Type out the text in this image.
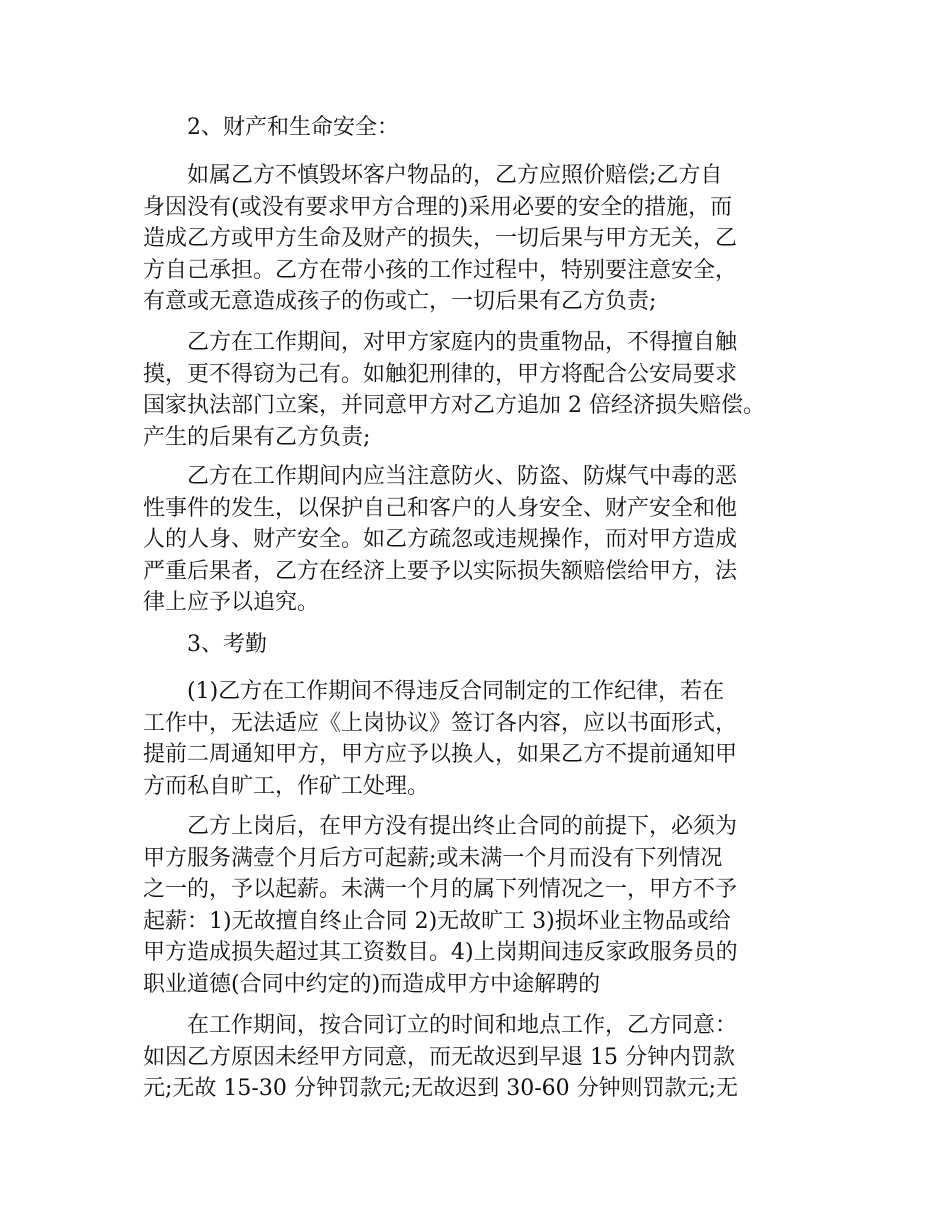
2、财产和生命安全：
如属乙方不慎毁坏客户物品的，乙方应照价赔偿;乙方自
身因没有(或没有要求甲方合理的)采用必要的安全的措施，而
造成乙方或甲方生命及财产的损失，一切后果与甲方无关，乙
方自己承担。乙方在带小孩的工作过程中，特别要注意安全，
有意或无意造成孩子的伤或亡，一切后果有乙方负责;
乙方在工作期间，对甲方家庭内的贵重物品，不得擅自触
摸，更不得窃为己有。如触犯刑律的，甲方将配合公安局要求
国家执法部门立案，并同意甲方对乙方追加 2 倍经济损失赔偿。
产生的后果有乙方负责;
乙方在工作期间内应当注意防火、防盗、防煤气中毒的恶
性事件的发生，以保护自己和客户的人身安全、财产安全和他
人的人身、财产安全。如乙方疏忽或违规操作，而对甲方造成
严重后果者，乙方在经济上要予以实际损失额赔偿给甲方，法
律上应予以追究。
3、考勤
(1)乙方在工作期间不得违反合同制定的工作纪律，若在
工作中，无法适应《上岗协议》签订各内容，应以书面形式，
提前二周通知甲方，甲方应予以换人，如果乙方不提前通知甲
方而私自旷工，作矿工处理。
乙方上岗后，在甲方没有提出终止合同的前提下，必须为
甲方服务满壹个月后方可起薪;或未满一个月而没有下列情况
之一的，予以起薪。未满一个月的属下列情况之一，甲方不予
起薪：1)无故擅自终止合同 2)无故旷工 3)损坏业主物品或给
甲方造成损失超过其工资数目。4)上岗期间违反家政服务员的
职业道德(合同中约定的)而造成甲方中途解聘的
在工作期间，按合同订立的时间和地点工作，乙方同意：
如因乙方原因未经甲方同意，而无故迟到早退 15 分钟内罚款
元;无故 15-30 分钟罚款元;无故迟到 30-60 分钟则罚款元;无
